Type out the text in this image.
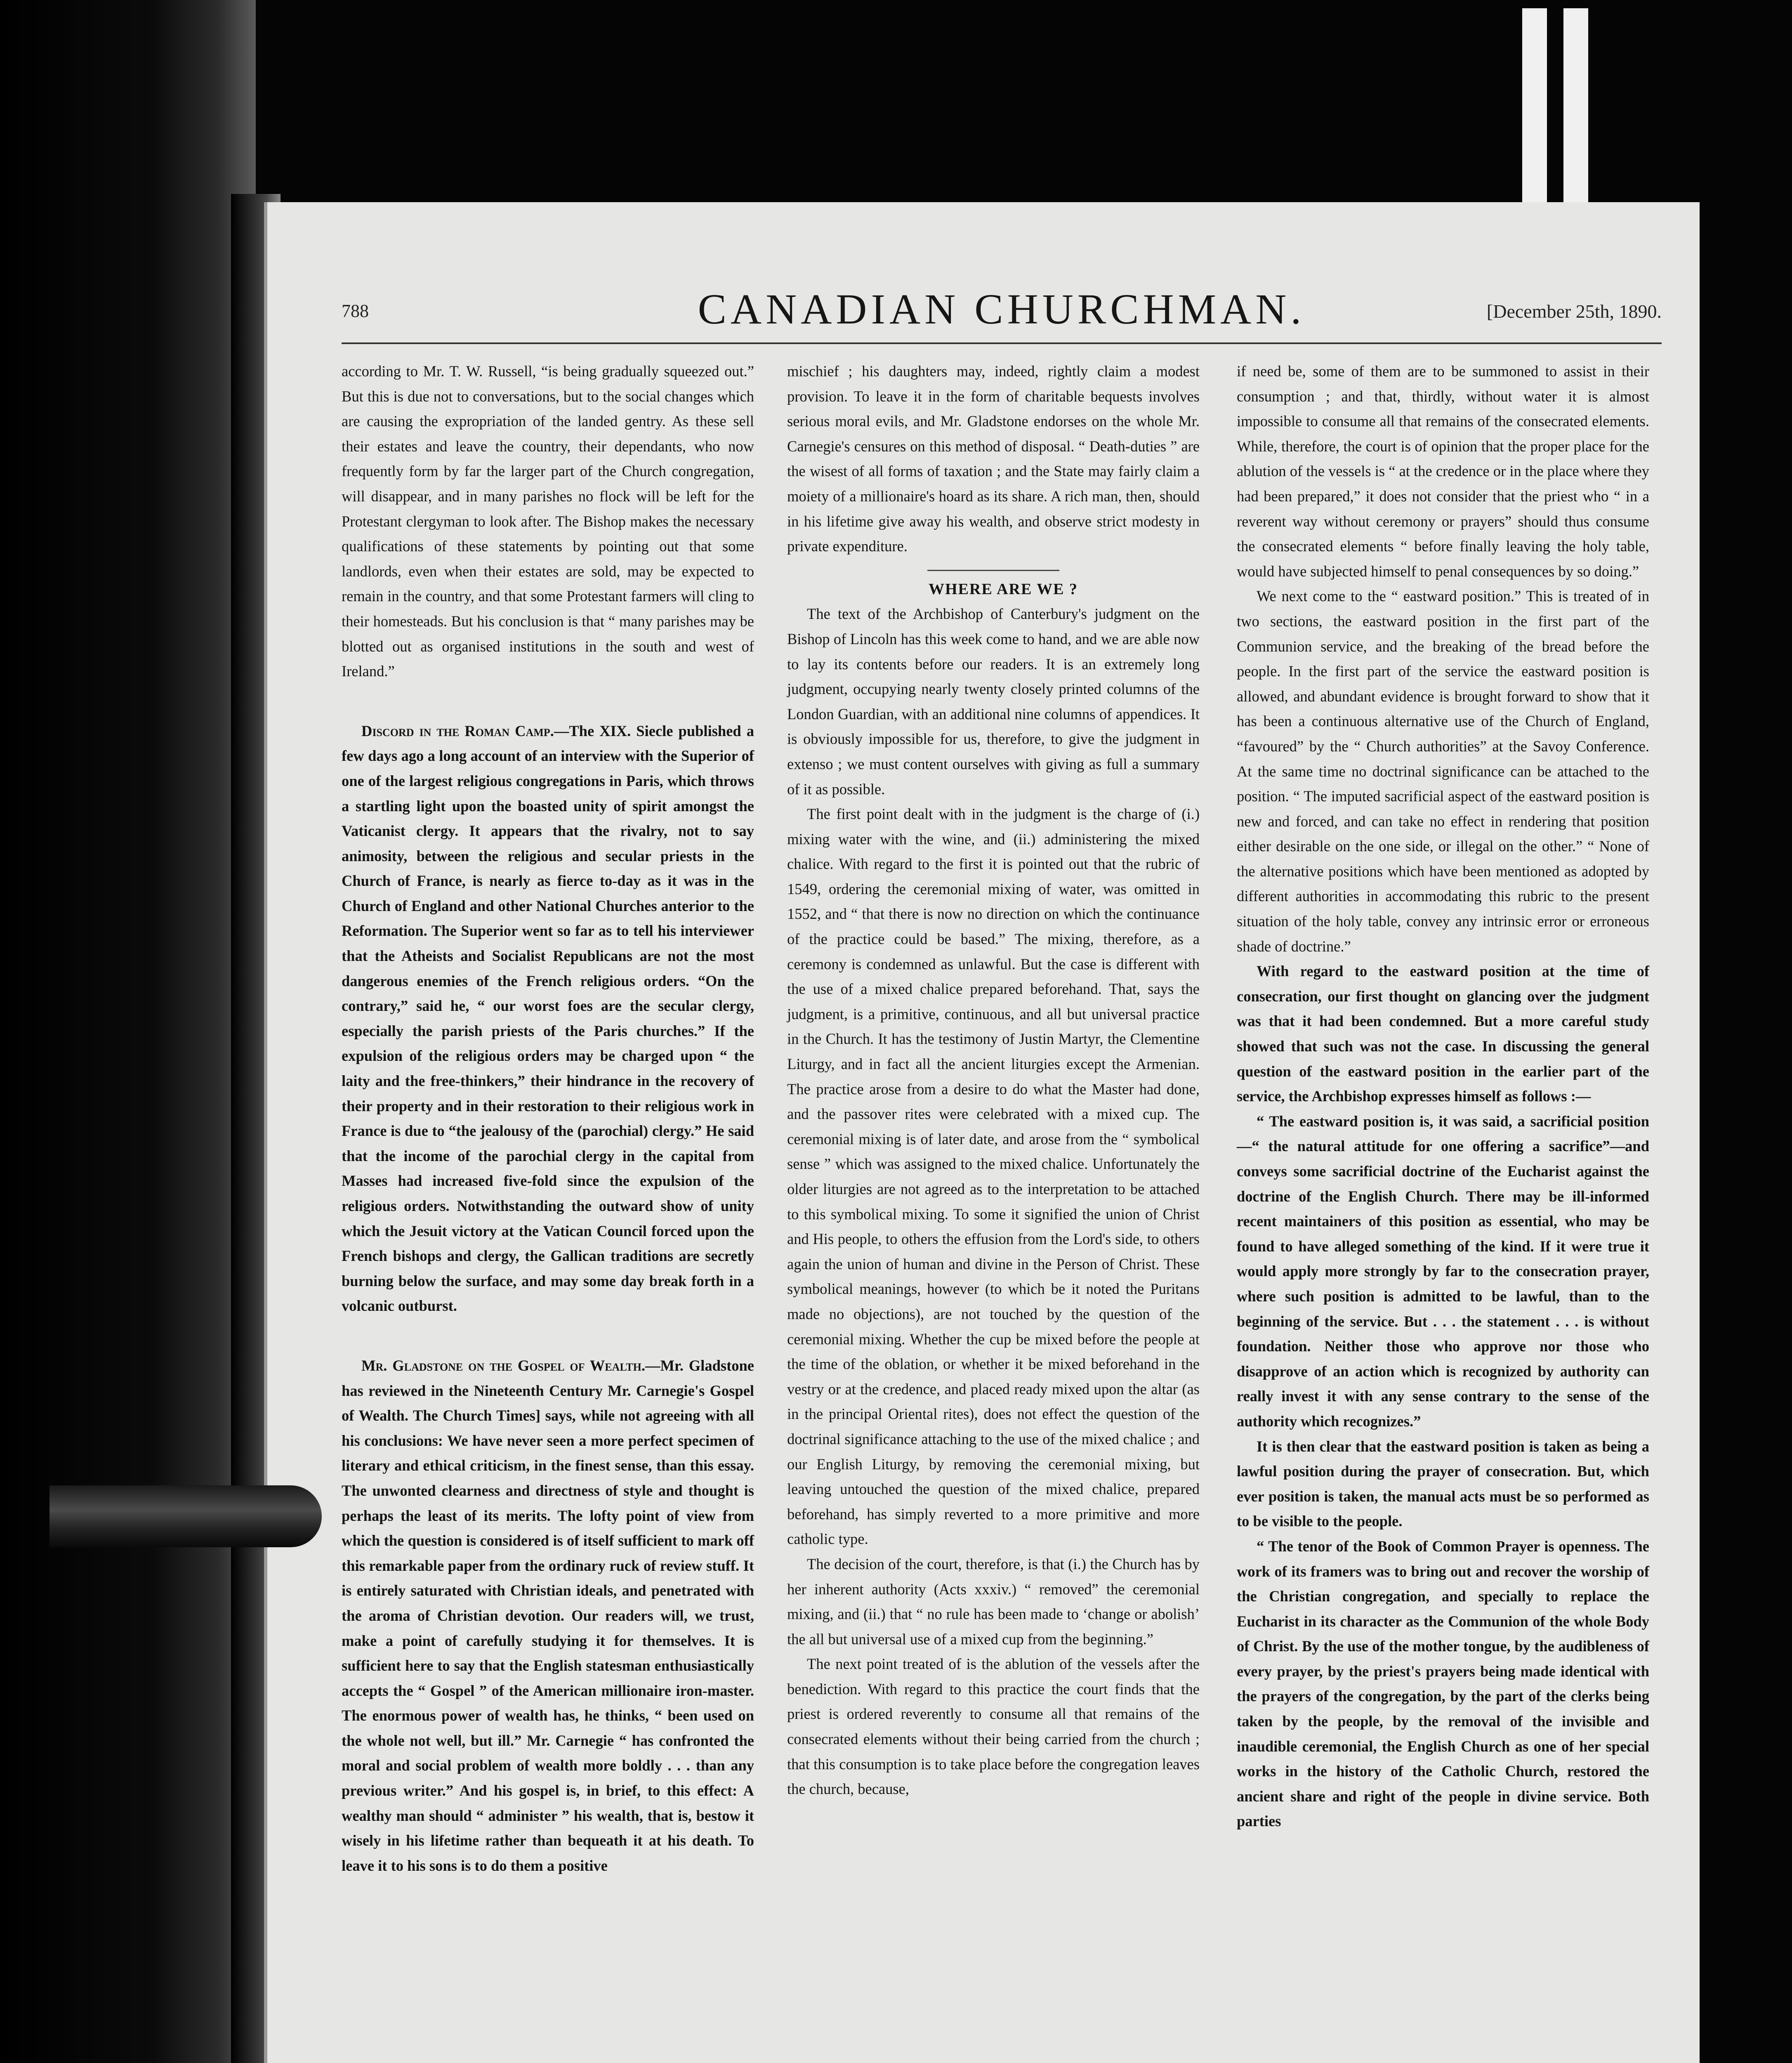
788	CANADIAN CHURCHMAN.	[December 25th, 1890.

according to Mr. T. W. Russell, “is being gradually squeezed out.” But this is due not to conversations, but to the social changes which are causing the expropriation of the landed gentry. As these sell their estates and leave the country, their dependants, who now frequently form by far the larger part of the Church congregation, will disappear, and in many parishes no flock will be left for the Protestant clergyman to look after. The Bishop makes the necessary qualifications of these statements by pointing out that some landlords, even when their estates are sold, may be expected to remain in the country, and that some Protestant farmers will cling to their homesteads. But his conclusion is that “ many parishes may be blotted out as organised institutions in the south and west of Ireland.”

Discord in the Roman Camp.—The XIX. Siecle published a few days ago a long account of an interview with the Superior of one of the largest religious congregations in Paris, which throws a startling light upon the boasted unity of spirit amongst the Vaticanist clergy. It appears that the rivalry, not to say animosity, between the religious and secular priests in the Church of France, is nearly as fierce to-day as it was in the Church of England and other National Churches anterior to the Reformation. The Superior went so far as to tell his interviewer that the Atheists and Socialist Republicans are not the most dangerous enemies of the French religious orders. “On the contrary,” said he, “ our worst foes are the secular clergy, especially the parish priests of the Paris churches.” If the expulsion of the religious orders may be charged upon “ the laity and the free-thinkers,” their hindrance in the recovery of their property and in their restoration to their religious work in France is due to “the jealousy of the (parochial) clergy.” He said that the income of the parochial clergy in the capital from Masses had increased five-fold since the expulsion of the religious orders. Notwithstanding the outward show of unity which the Jesuit victory at the Vatican Council forced upon the French bishops and clergy, the Gallican traditions are secretly burning below the surface, and may some day break forth in a volcanic outburst.

Mr. Gladstone on the Gospel of Wealth.—Mr. Gladstone has reviewed in the Nineteenth Century Mr. Carnegie's Gospel of Wealth. The Church Times] says, while not agreeing with all his conclusions: We have never seen a more perfect specimen of literary and ethical criticism, in the finest sense, than this essay. The unwonted clearness and directness of style and thought is perhaps the least of its merits. The lofty point of view from which the question is considered is of itself sufficient to mark off this remarkable paper from the ordinary ruck of review stuff. It is entirely saturated with Christian ideals, and penetrated with the aroma of Christian devotion. Our readers will, we trust, make a point of carefully studying it for themselves. It is sufficient here to say that the English statesman enthusiastically accepts the “ Gospel ” of the American millionaire iron-master. The enormous power of wealth has, he thinks, “ been used on the whole not well, but ill.” Mr. Carnegie “ has confronted the moral and social problem of wealth more boldly . . . than any previous writer.” And his gospel is, in brief, to this effect: A wealthy man should “ administer ” his wealth, that is, bestow it wisely in his lifetime rather than bequeath it at his death. To leave it to his sons is to do them a positive

mischief ; his daughters may, indeed, rightly claim a modest provision. To leave it in the form of charitable bequests involves serious moral evils, and Mr. Gladstone endorses on the whole Mr. Carnegie's censures on this method of disposal. “ Death-duties ” are the wisest of all forms of taxation ; and the State may fairly claim a moiety of a millionaire's hoard as its share. A rich man, then, should in his lifetime give away his wealth, and observe strict modesty in private expenditure.

WHERE ARE WE ?

The text of the Archbishop of Canterbury's judgment on the Bishop of Lincoln has this week come to hand, and we are able now to lay its contents before our readers. It is an extremely long judgment, occupying nearly twenty closely printed columns of the London Guardian, with an additional nine columns of appendices. It is obviously impossible for us, therefore, to give the judgment in extenso ; we must content ourselves with giving as full a summary of it as possible.

The first point dealt with in the judgment is the charge of (i.) mixing water with the wine, and (ii.) administering the mixed chalice. With regard to the first it is pointed out that the rubric of 1549, ordering the ceremonial mixing of water, was omitted in 1552, and “ that there is now no direction on which the continuance of the practice could be based.” The mixing, therefore, as a ceremony is condemned as unlawful. But the case is different with the use of a mixed chalice prepared beforehand. That, says the judgment, is a primitive, continuous, and all but universal practice in the Church. It has the testimony of Justin Martyr, the Clementine Liturgy, and in fact all the ancient liturgies except the Armenian. The practice arose from a desire to do what the Master had done, and the passover rites were celebrated with a mixed cup. The ceremonial mixing is of later date, and arose from the “ symbolical sense ” which was assigned to the mixed chalice. Unfortunately the older liturgies are not agreed as to the interpretation to be attached to this symbolical mixing. To some it signified the union of Christ and His people, to others the effusion from the Lord's side, to others again the union of human and divine in the Person of Christ. These symbolical meanings, however (to which be it noted the Puritans made no objections), are not touched by the question of the ceremonial mixing. Whether the cup be mixed before the people at the time of the oblation, or whether it be mixed beforehand in the vestry or at the credence, and placed ready mixed upon the altar (as in the principal Oriental rites), does not effect the question of the doctrinal significance attaching to the use of the mixed chalice ; and our English Liturgy, by removing the ceremonial mixing, but leaving untouched the question of the mixed chalice, prepared beforehand, has simply reverted to a more primitive and more catholic type.

The decision of the court, therefore, is that (i.) the Church has by her inherent authority (Acts xxxiv.) “ removed” the ceremonial mixing, and (ii.) that “ no rule has been made to ‘change or abolish’ the all but universal use of a mixed cup from the beginning.”

The next point treated of is the ablution of the vessels after the benediction. With regard to this practice the court finds that the priest is ordered reverently to consume all that remains of the consecrated elements without their being carried from the church ; that this consumption is to take place before the congregation leaves the church, because,

if need be, some of them are to be summoned to assist in their consumption ; and that, thirdly, without water it is almost impossible to consume all that remains of the consecrated elements. While, therefore, the court is of opinion that the proper place for the ablution of the vessels is “ at the credence or in the place where they had been prepared,” it does not consider that the priest who “ in a reverent way without ceremony or prayers” should thus consume the consecrated elements “ before finally leaving the holy table, would have subjected himself to penal consequences by so doing.”

We next come to the “ eastward position.” This is treated of in two sections, the eastward position in the first part of the Communion service, and the breaking of the bread before the people. In the first part of the service the eastward position is allowed, and abundant evidence is brought forward to show that it has been a continuous alternative use of the Church of England, “favoured” by the “ Church authorities” at the Savoy Conference. At the same time no doctrinal significance can be attached to the position. “ The imputed sacrificial aspect of the eastward position is new and forced, and can take no effect in rendering that position either desirable on the one side, or illegal on the other.” “ None of the alternative positions which have been mentioned as adopted by different authorities in accommodating this rubric to the present situation of the holy table, convey any intrinsic error or erroneous shade of doctrine.”

With regard to the eastward position at the time of consecration, our first thought on glancing over the judgment was that it had been condemned. But a more careful study showed that such was not the case. In discussing the general question of the eastward position in the earlier part of the service, the Archbishop expresses himself as follows :—

“ The eastward position is, it was said, a sacrificial position—“ the natural attitude for one offering a sacrifice”—and conveys some sacrificial doctrine of the Eucharist against the doctrine of the English Church. There may be ill-informed recent maintainers of this position as essential, who may be found to have alleged something of the kind. If it were true it would apply more strongly by far to the consecration prayer, where such position is admitted to be lawful, than to the beginning of the service. But . . . the statement . . . is without foundation. Neither those who approve nor those who disapprove of an action which is recognized by authority can really invest it with any sense contrary to the sense of the authority which recognizes.”

It is then clear that the eastward position is taken as being a lawful position during the prayer of consecration. But, which ever position is taken, the manual acts must be so performed as to be visible to the people.

“ The tenor of the Book of Common Prayer is openness. The work of its framers was to bring out and recover the worship of the Christian congregation, and specially to replace the Eucharist in its character as the Communion of the whole Body of Christ. By the use of the mother tongue, by the audibleness of every prayer, by the priest's prayers being made identical with the prayers of the congregation, by the part of the clerks being taken by the people, by the removal of the invisible and inaudible ceremonial, the English Church as one of her special works in the history of the Catholic Church, restored the ancient share and right of the people in divine service. Both parties
